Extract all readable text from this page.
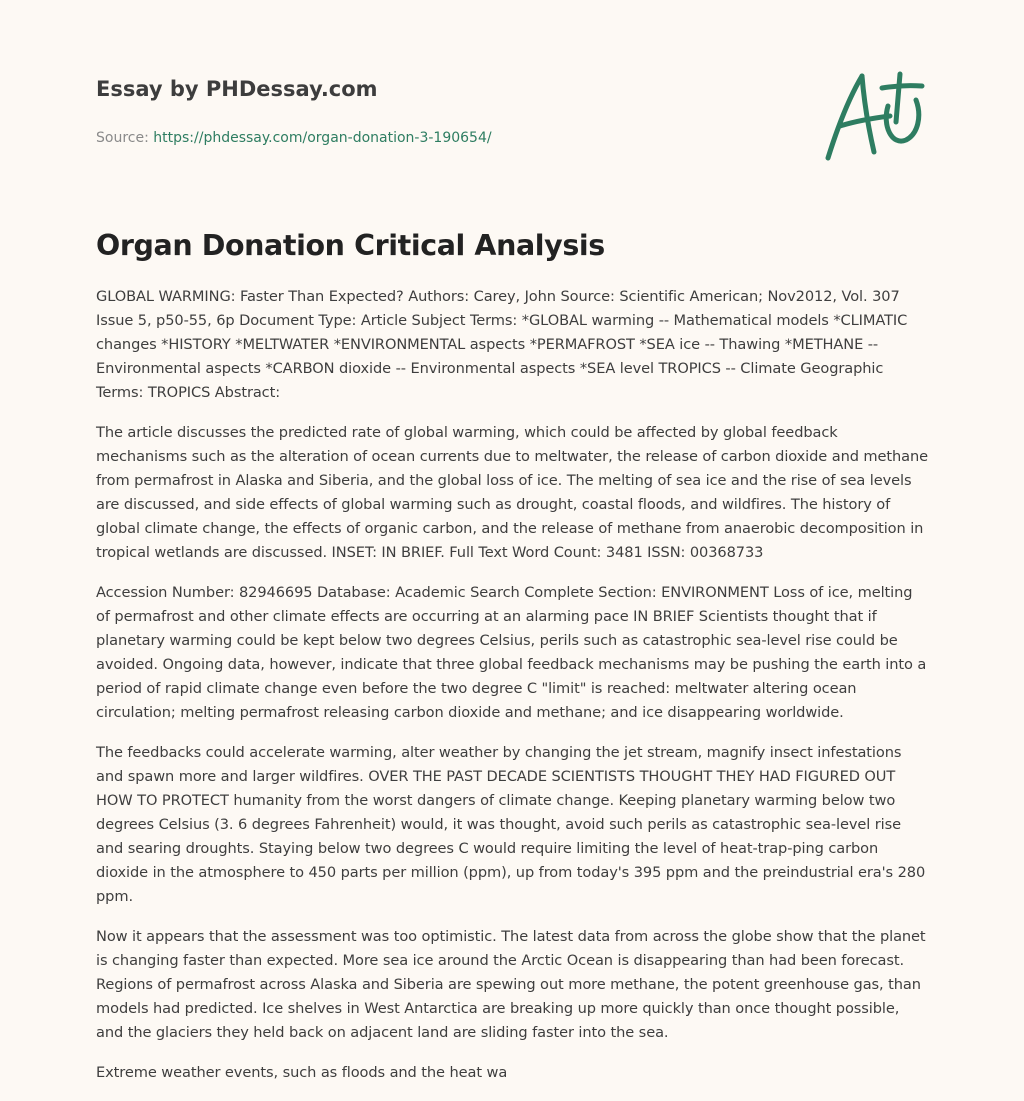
Essay by PHDessay.com
Source: https://phdessay.com/organ-donation-3-190654/
Organ Donation Critical Analysis

GLOBAL WARMING: Faster Than Expected? Authors: Carey, John Source: Scientific American; Nov2012, Vol. 307 Issue 5, p50-55, 6p Document Type: Article Subject Terms: *GLOBAL warming -- Mathematical models *CLIMATIC changes *HISTORY *MELTWATER *ENVIRONMENTAL aspects *PERMAFROST *SEA ice -- Thawing *METHANE -- Environmental aspects *CARBON dioxide -- Environmental aspects *SEA level TROPICS -- Climate Geographic Terms: TROPICS Abstract:

The article discusses the predicted rate of global warming, which could be affected by global feedback mechanisms such as the alteration of ocean currents due to meltwater, the release of carbon dioxide and methane from permafrost in Alaska and Siberia, and the global loss of ice. The melting of sea ice and the rise of sea levels are discussed, and side effects of global warming such as drought, coastal floods, and wildfires. The history of global climate change, the effects of organic carbon, and the release of methane from anaerobic decomposition in tropical wetlands are discussed. INSET: IN BRIEF. Full Text Word Count: 3481 ISSN: 00368733

Accession Number: 82946695 Database: Academic Search Complete Section: ENVIRONMENT Loss of ice, melting of permafrost and other climate effects are occurring at an alarming pace IN BRIEF Scientists thought that if planetary warming could be kept below two degrees Celsius, perils such as catastrophic sea-level rise could be avoided. Ongoing data, however, indicate that three global feedback mechanisms may be pushing the earth into a period of rapid climate change even before the two degree C "limit" is reached: meltwater altering ocean circulation; melting permafrost releasing carbon dioxide and methane; and ice disappearing worldwide.

The feedbacks could accelerate warming, alter weather by changing the jet stream, magnify insect infestations and spawn more and larger wildfires. OVER THE PAST DECADE SCIENTISTS THOUGHT THEY HAD FIGURED OUT HOW TO PROTECT humanity from the worst dangers of climate change. Keeping planetary warming below two degrees Celsius (3. 6 degrees Fahrenheit) would, it was thought, avoid such perils as catastrophic sea-level rise and searing droughts. Staying below two degrees C would require limiting the level of heat-trap-ping carbon dioxide in the atmosphere to 450 parts per million (ppm), up from today's 395 ppm and the preindustrial era's 280 ppm.

Now it appears that the assessment was too optimistic. The latest data from across the globe show that the planet is changing faster than expected. More sea ice around the Arctic Ocean is disappearing than had been forecast. Regions of permafrost across Alaska and Siberia are spewing out more methane, the potent greenhouse gas, than models had predicted. Ice shelves in West Antarctica are breaking up more quickly than once thought possible, and the glaciers they held back on adjacent land are sliding faster into the sea.

Extreme weather events, such as floods and the heat wa
